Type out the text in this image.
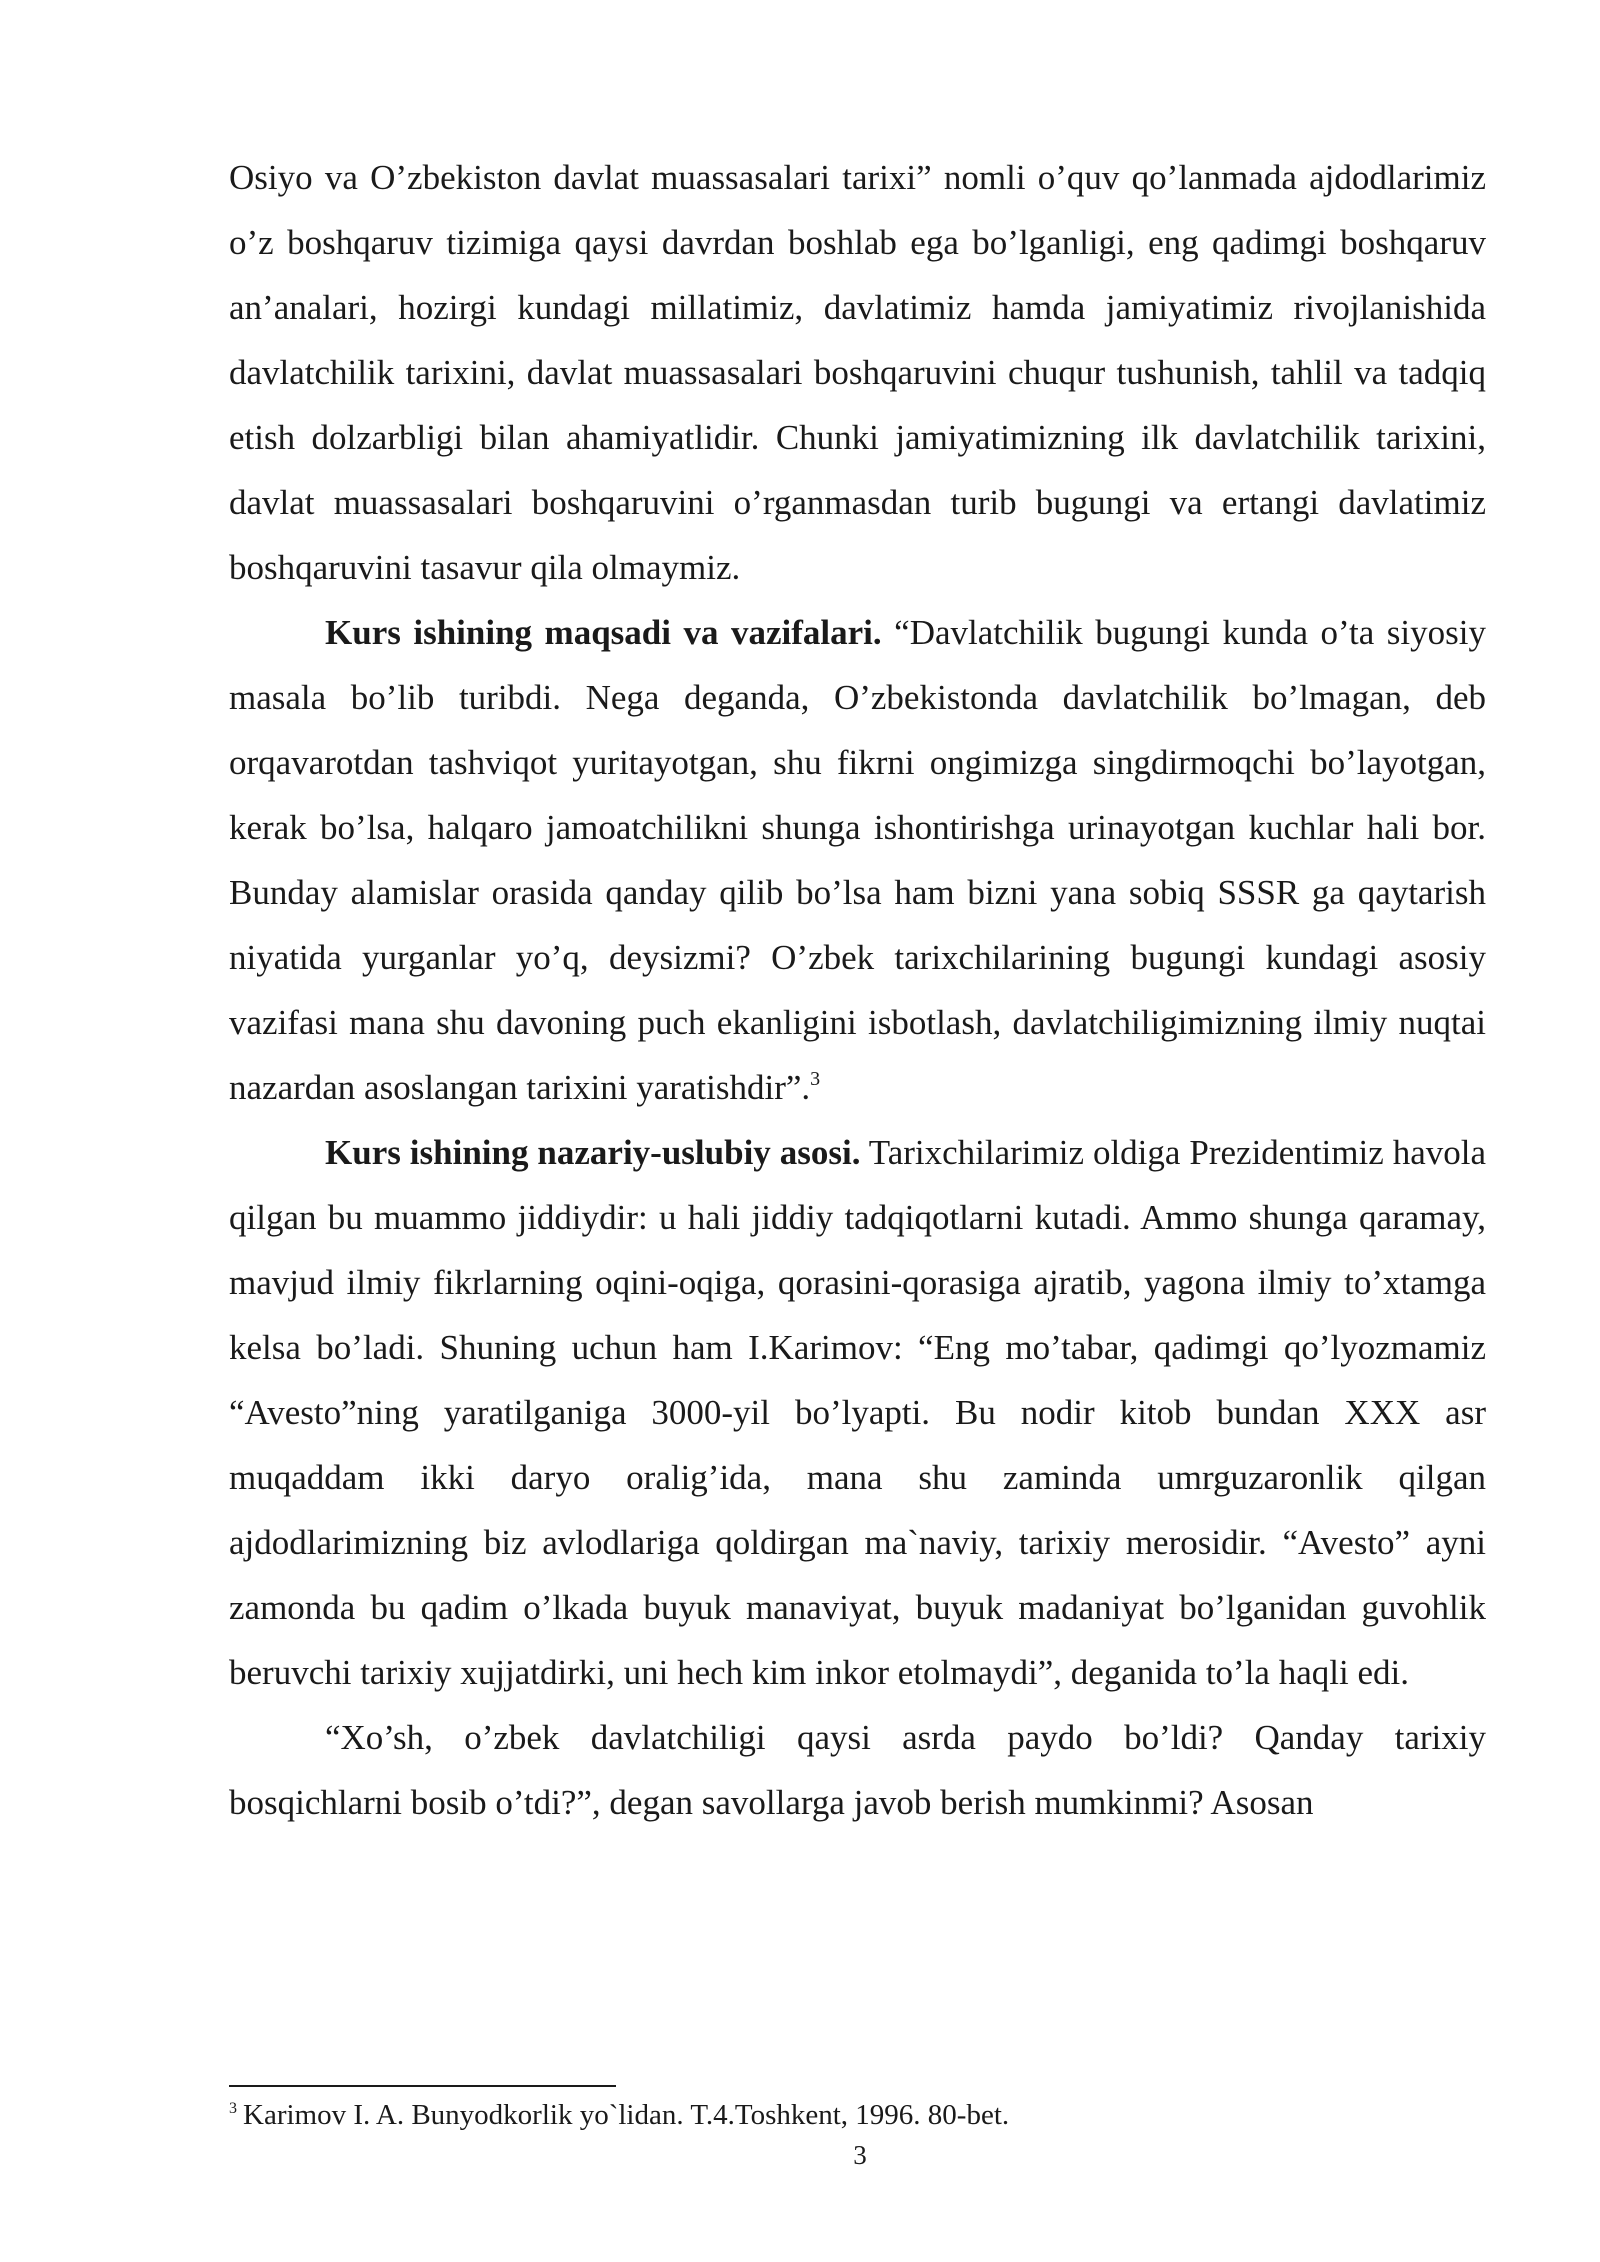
Osiyo va O’zbekiston davlat muassasalari tarixi” nomli o’quv qo’lanmada ajdodlarimiz o’z boshqaruv tizimiga qaysi davrdan boshlab ega bo’lganligi, eng qadimgi boshqaruv an’analari, hozirgi kundagi millatimiz, davlatimiz hamda jamiyatimiz rivojlanishida davlatchilik tarixini, davlat muassasalari boshqaruvini chuqur tushunish, tahlil va tadqiq etish dolzarbligi bilan ahamiyatlidir. Chunki jamiyatimizning ilk davlatchilik tarixini, davlat muassasalari boshqaruvini o’rganmasdan turib bugungi va ertangi davlatimiz boshqaruvini tasavur qila olmaymiz.

Kurs ishining maqsadi va vazifalari. “Davlatchilik bugungi kunda o’ta siyosiy masala bo’lib turibdi. Nega deganda, O’zbekistonda davlatchilik bo’lmagan, deb orqavarotdan tashviqot yuritayotgan, shu fikrni ongimizga singdirmoqchi bo’layotgan, kerak bo’lsa, halqaro jamoatchilikni shunga ishontirishga urinayotgan kuchlar hali bor. Bunday alamislar orasida qanday qilib bo’lsa ham bizni yana sobiq SSSR ga qaytarish niyatida yurganlar yo’q, deysizmi? O’zbek tarixchilarining bugungi kundagi asosiy vazifasi mana shu davoning puch ekanligini isbotlash, davlatchiligimizning ilmiy nuqtai nazardan asoslangan tarixini yaratishdir”.$^3$

Kurs ishining nazariy-uslubiy asosi. Tarixchilarimiz oldiga Prezidentimiz havola qilgan bu muammo jiddiydir: u hali jiddiy tadqiqotlarni kutadi. Ammo shunga qaramay, mavjud ilmiy fikrlarning oqini-oqiga, qorasini-qorasiga ajratib, yagona ilmiy to’xtamga kelsa bo’ladi. Shuning uchun ham I.Karimov: “Eng mo’tabar, qadimgi qo’lyozmamiz “Avesto”ning yaratilganiga 3000-yil bo’lyapti. Bu nodir kitob bundan XXX asr muqaddam ikki daryo oralig’ida, mana shu zaminda umrguzaronlik qilgan ajdodlarimizning biz avlodlariga qoldirgan ma`naviy, tarixiy merosidir. “Avesto” ayni zamonda bu qadim o’lkada buyuk manaviyat, buyuk madaniyat bo’lganidan guvohlik beruvchi tarixiy xujjatdirki, uni hech kim inkor etolmaydi”, deganida to’la haqli edi.

“Xo’sh, o’zbek davlatchiligi qaysi asrda paydo bo’ldi? Qanday tarixiy bosqichlarni bosib o’tdi?”, degan savollarga javob berish mumkinmi? Asosan

$^3$ Karimov I. A. Bunyodkorlik yo`lidan. T.4.Toshkent, 1996. 80-bet.
3
